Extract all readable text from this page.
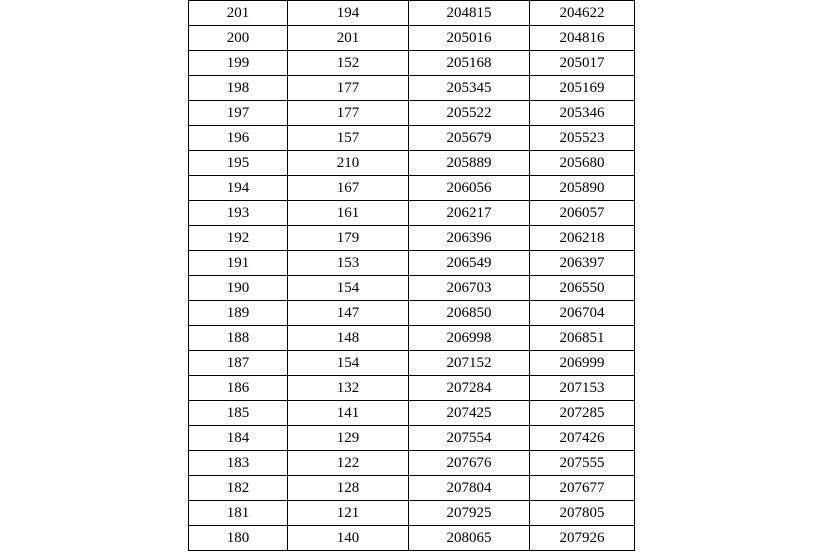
201	194	204815	204622
200	201	205016	204816
199	152	205168	205017
198	177	205345	205169
197	177	205522	205346
196	157	205679	205523
195	210	205889	205680
194	167	206056	205890
193	161	206217	206057
192	179	206396	206218
191	153	206549	206397
190	154	206703	206550
189	147	206850	206704
188	148	206998	206851
187	154	207152	206999
186	132	207284	207153
185	141	207425	207285
184	129	207554	207426
183	122	207676	207555
182	128	207804	207677
181	121	207925	207805
180	140	208065	207926
